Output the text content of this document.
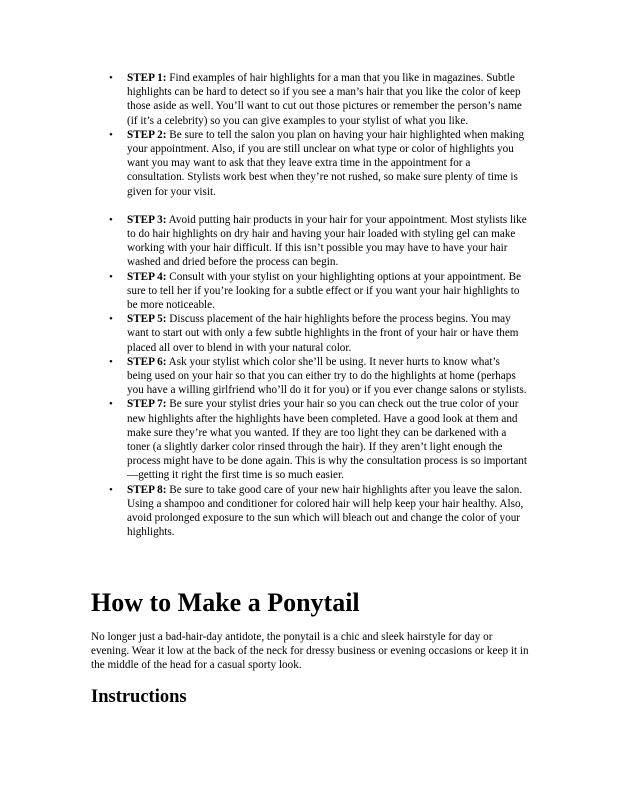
• STEP 1: Find examples of hair highlights for a man that you like in magazines. Subtle highlights can be hard to detect so if you see a man’s hair that you like the color of keep those aside as well. You’ll want to cut out those pictures or remember the person’s name (if it’s a celebrity) so you can give examples to your stylist of what you like.
• STEP 2: Be sure to tell the salon you plan on having your hair highlighted when making your appointment. Also, if you are still unclear on what type or color of highlights you want you may want to ask that they leave extra time in the appointment for a consultation. Stylists work best when they’re not rushed, so make sure plenty of time is given for your visit.
• STEP 3: Avoid putting hair products in your hair for your appointment. Most stylists like to do hair highlights on dry hair and having your hair loaded with styling gel can make working with your hair difficult. If this isn’t possible you may have to have your hair washed and dried before the process can begin.
• STEP 4: Consult with your stylist on your highlighting options at your appointment. Be sure to tell her if you’re looking for a subtle effect or if you want your hair highlights to be more noticeable.
• STEP 5: Discuss placement of the hair highlights before the process begins. You may want to start out with only a few subtle highlights in the front of your hair or have them placed all over to blend in with your natural color.
• STEP 6: Ask your stylist which color she’ll be using. It never hurts to know what’s being used on your hair so that you can either try to do the highlights at home (perhaps you have a willing girlfriend who’ll do it for you) or if you ever change salons or stylists.
• STEP 7: Be sure your stylist dries your hair so you can check out the true color of your new highlights after the highlights have been completed. Have a good look at them and make sure they’re what you wanted. If they are too light they can be darkened with a toner (a slightly darker color rinsed through the hair). If they aren’t light enough the process might have to be done again. This is why the consultation process is so important—getting it right the first time is so much easier.
• STEP 8: Be sure to take good care of your new hair highlights after you leave the salon. Using a shampoo and conditioner for colored hair will help keep your hair healthy. Also, avoid prolonged exposure to the sun which will bleach out and change the color of your highlights.
How to Make a Ponytail

No longer just a bad-hair-day antidote, the ponytail is a chic and sleek hairstyle for day or evening. Wear it low at the back of the neck for dressy business or evening occasions or keep it in the middle of the head for a casual sporty look.

Instructions
